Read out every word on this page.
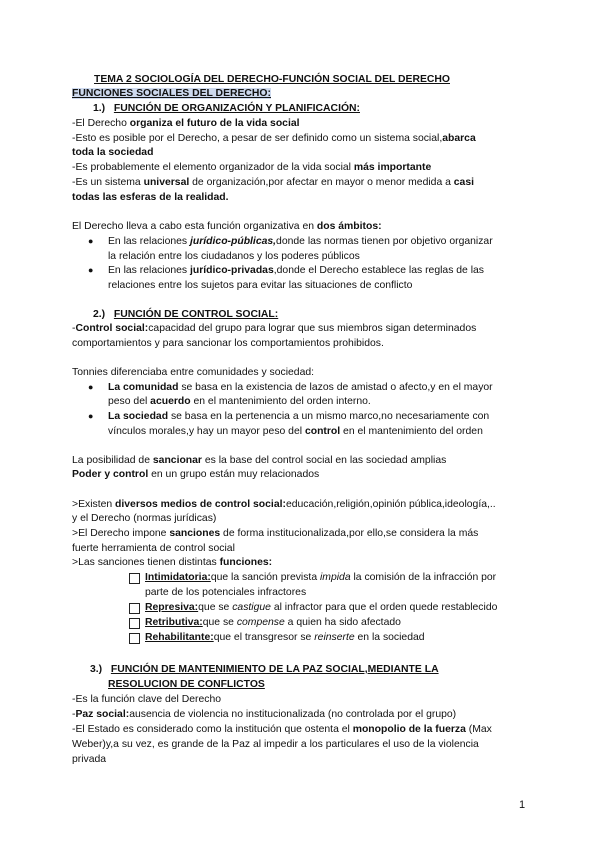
TEMA 2 SOCIOLOGÍA DEL DERECHO-FUNCIÓN SOCIAL DEL DERECHO
FUNCIONES SOCIALES DEL DERECHO:
1.) FUNCIÓN DE ORGANIZACIÓN Y PLANIFICACIÓN:
-El Derecho organiza el futuro de la vida social
-Esto es posible por el Derecho, a pesar de ser definido como un sistema social,abarca
toda la sociedad
-Es probablemente el elemento organizador de la vida social más importante
-Es un sistema universal de organización,por afectar en mayor o menor medida a casi
todas las esferas de la realidad.
El Derecho lleva a cabo esta función organizativa en dos ámbitos:
● En las relaciones jurídico-públicas,donde las normas tienen por objetivo organizar
la relación entre los ciudadanos y los poderes públicos
● En las relaciones jurídico-privadas,donde el Derecho establece las reglas de las
relaciones entre los sujetos para evitar las situaciones de conflicto
2.) FUNCIÓN DE CONTROL SOCIAL:
-Control social:capacidad del grupo para lograr que sus miembros sigan determinados
comportamientos y para sancionar los comportamientos prohibidos.
Tonnies diferenciaba entre comunidades y sociedad:
● La comunidad se basa en la existencia de lazos de amistad o afecto,y en el mayor
peso del acuerdo en el mantenimiento del orden interno.
● La sociedad se basa en la pertenencia a un mismo marco,no necesariamente con
vínculos morales,y hay un mayor peso del control en el mantenimiento del orden
La posibilidad de sancionar es la base del control social en las sociedad amplias
Poder y control en un grupo están muy relacionados
>Existen diversos medios de control social:educación,religión,opinión pública,ideología,..
y el Derecho (normas jurídicas)
>El Derecho impone sanciones de forma institucionalizada,por ello,se considera la más
fuerte herramienta de control social
>Las sanciones tienen distintas funciones:
Intimidatoria:que la sanción prevista impida la comisión de la infracción por
parte de los potenciales infractores
Represiva:que se castigue al infractor para que el orden quede restablecido
Retributiva:que se compense a quien ha sido afectado
Rehabilitante:que el transgresor se reinserte en la sociedad
3.) FUNCIÓN DE MANTENIMIENTO DE LA PAZ SOCIAL,MEDIANTE LA
RESOLUCION DE CONFLICTOS
-Es la función clave del Derecho
-Paz social:ausencia de violencia no institucionalizada (no controlada por el grupo)
-El Estado es considerado como la institución que ostenta el monopolio de la fuerza (Max
Weber)y,a su vez, es grande de la Paz al impedir a los particulares el uso de la violencia
privada
1
